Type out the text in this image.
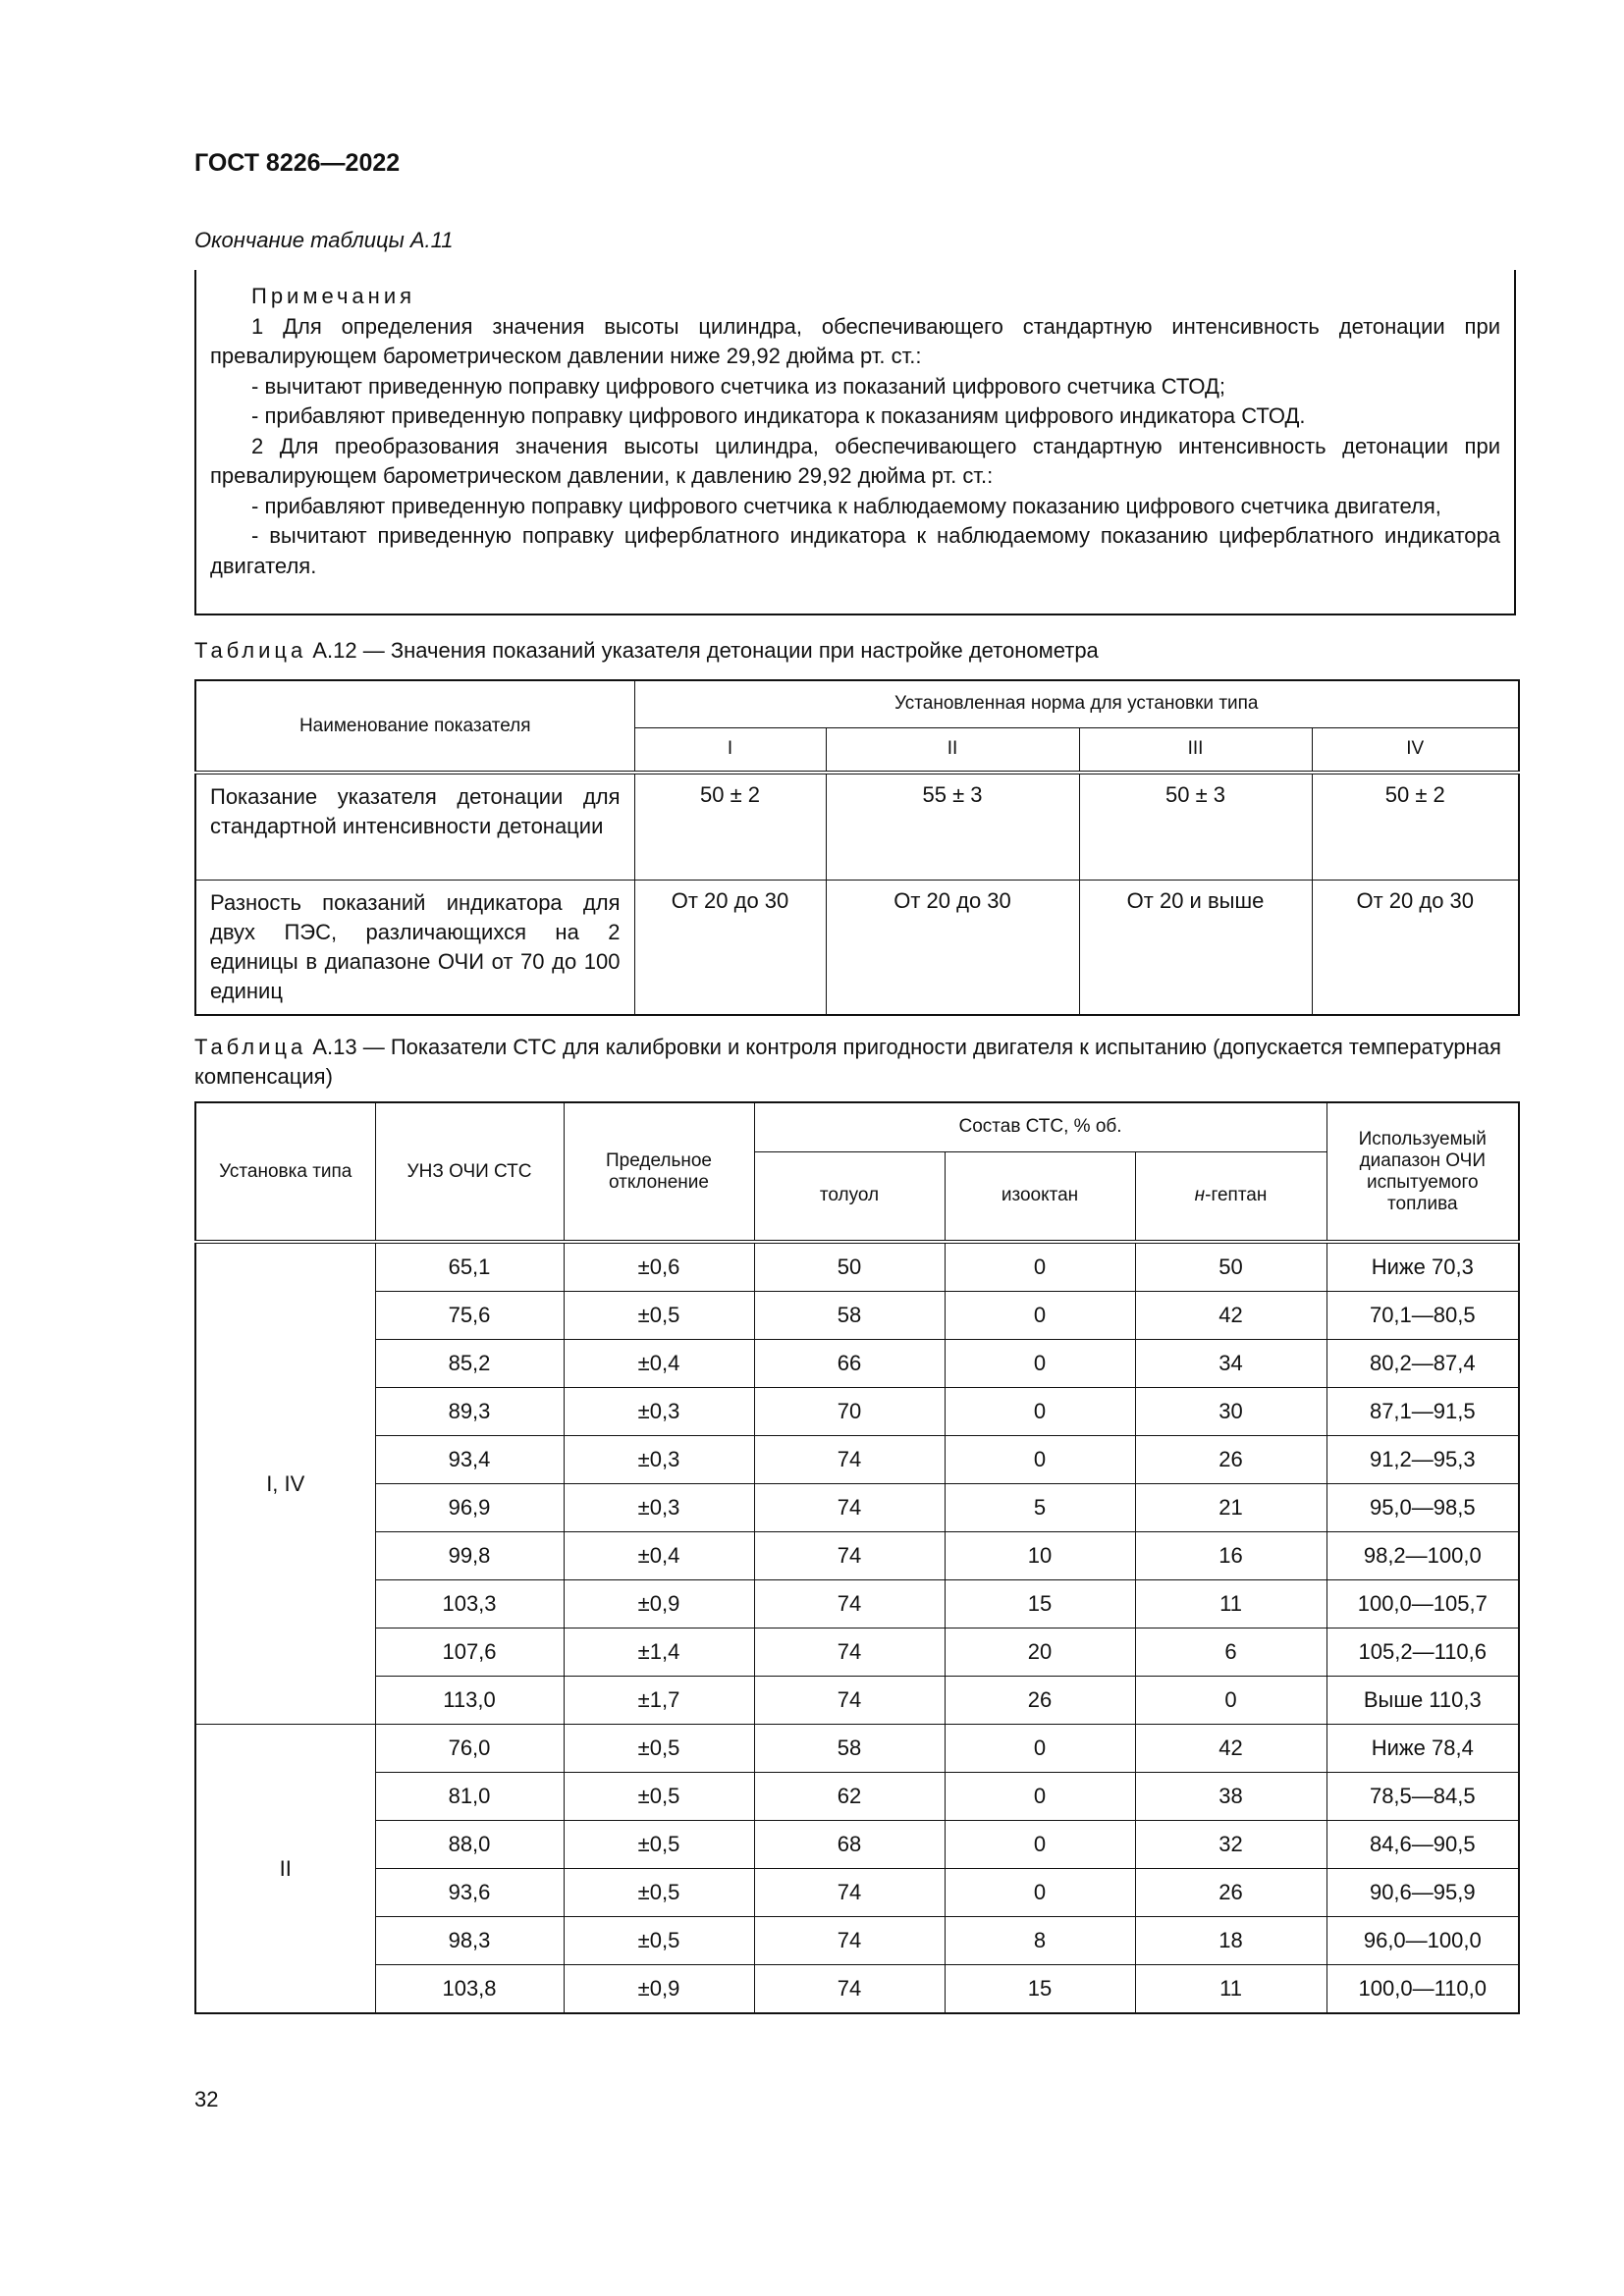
ГОСТ 8226—2022
Окончание таблицы А.11

Примечания

1 Для определения значения высоты цилиндра, обеспечивающего стандартную интенсивность детонации при превалирующем барометрическом давлении ниже 29,92 дюйма рт. ст.:

- вычитают приведенную поправку цифрового счетчика из показаний цифрового счетчика СТОД;

- прибавляют приведенную поправку цифрового индикатора к показаниям цифрового индикатора СТОД.

2 Для преобразования значения высоты цилиндра, обеспечивающего стандартную интенсивность детонации при превалирующем барометрическом давлении, к давлению 29,92 дюйма рт. ст.:

- прибавляют приведенную поправку цифрового счетчика к наблюдаемому показанию цифрового счетчика двигателя,

- вычитают приведенную поправку циферблатного индикатора к наблюдаемому показанию циферблатного индикатора двигателя.

Таблица А.12 — Значения показаний указателя детонации при настройке детонометра
Наименование показателя	Установленная норма для установки типа			
	I	II	III	IV
Показание указателя детонации для стандартной интенсивности детонации	50 ± 2	55 ± 3	50 ± 3	50 ± 2
Разность показаний индикатора для двух ПЭС, различающихся на 2 единицы в диапазоне ОЧИ от 70 до 100 единиц	От 20 до 30	От 20 до 30	От 20 и выше	От 20 до 30
Таблица А.13 — Показатели СТС для калибровки и контроля пригодности двигателя к испытанию (допускается температурная компенсация)
Установка типа	УНЗ ОЧИ СТС	Предельное отклонение	Состав СТС, % об.			Используемый диапазон ОЧИ испытуемого топлива
			толуол	изооктан	н-гептан	
I, IV	65,1	±0,6	50	0	50	Ниже 70,3
	75,6	±0,5	58	0	42	70,1—80,5
	85,2	±0,4	66	0	34	80,2—87,4
	89,3	±0,3	70	0	30	87,1—91,5
	93,4	±0,3	74	0	26	91,2—95,3
	96,9	±0,3	74	5	21	95,0—98,5
	99,8	±0,4	74	10	16	98,2—100,0
	103,3	±0,9	74	15	11	100,0—105,7
	107,6	±1,4	74	20	6	105,2—110,6
	113,0	±1,7	74	26	0	Выше 110,3
II	76,0	±0,5	58	0	42	Ниже 78,4
	81,0	±0,5	62	0	38	78,5—84,5
	88,0	±0,5	68	0	32	84,6—90,5
	93,6	±0,5	74	0	26	90,6—95,9
	98,3	±0,5	74	8	18	96,0—100,0
	103,8	±0,9	74	15	11	100,0—110,0
32
